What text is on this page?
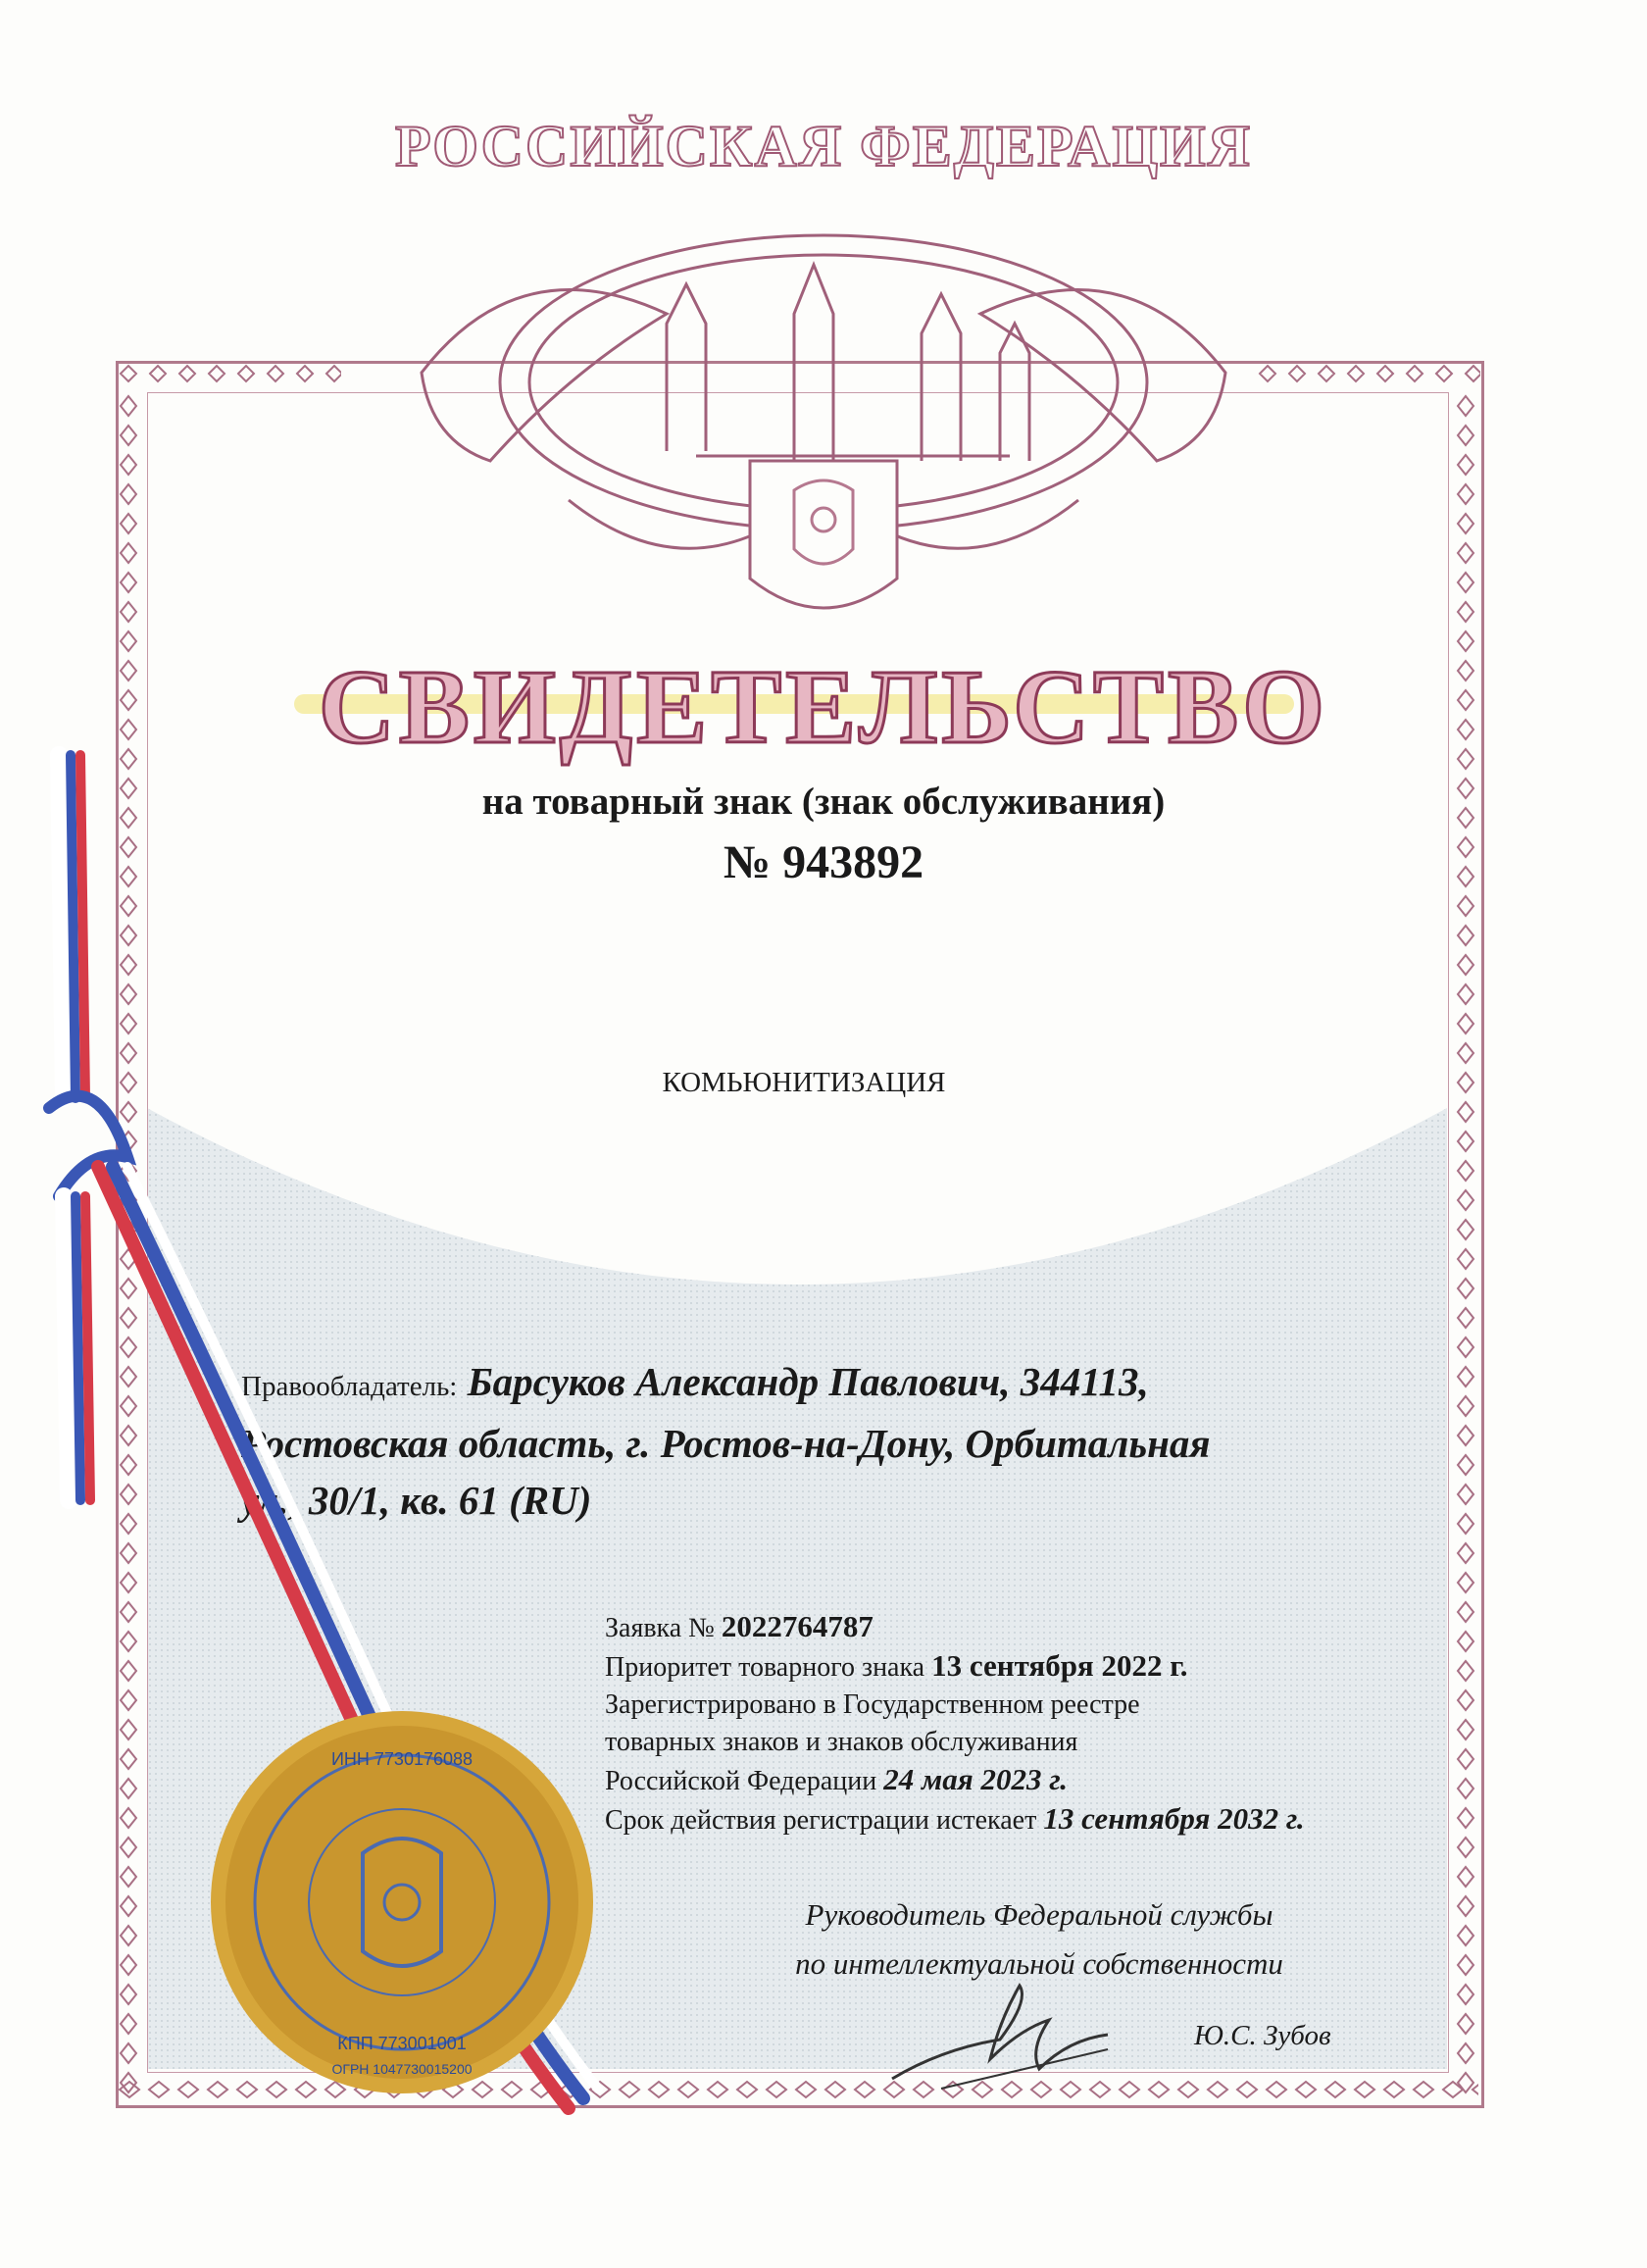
РОССИЙСКАЯ ФЕДЕРАЦИЯ
СВИДЕТЕЛЬСТВО
на товарный знак (знак обслуживания)
№ 943892
КОМЬЮНИТИЗАЦИЯ
Правообладатель: Барсуков Александр Павлович, 344113,
Ростовская область, г. Ростов-на-Дону, Орбитальная
ул., 30/1, кв. 61 (RU)
Заявка № 2022764787
Приоритет товарного знака 13 сентября 2022 г.
Зарегистрировано в Государственном реестре
товарных знаков и знаков обслуживания
Российской Федерации 24 мая 2023 г.
Срок действия регистрации истекает 13 сентября 2032 г.
Руководитель Федеральной службы
по интеллектуальной собственности
Ю.С. Зубов
ИНН 7730176088
КПП 773001001
ОГРН 1047730015200
